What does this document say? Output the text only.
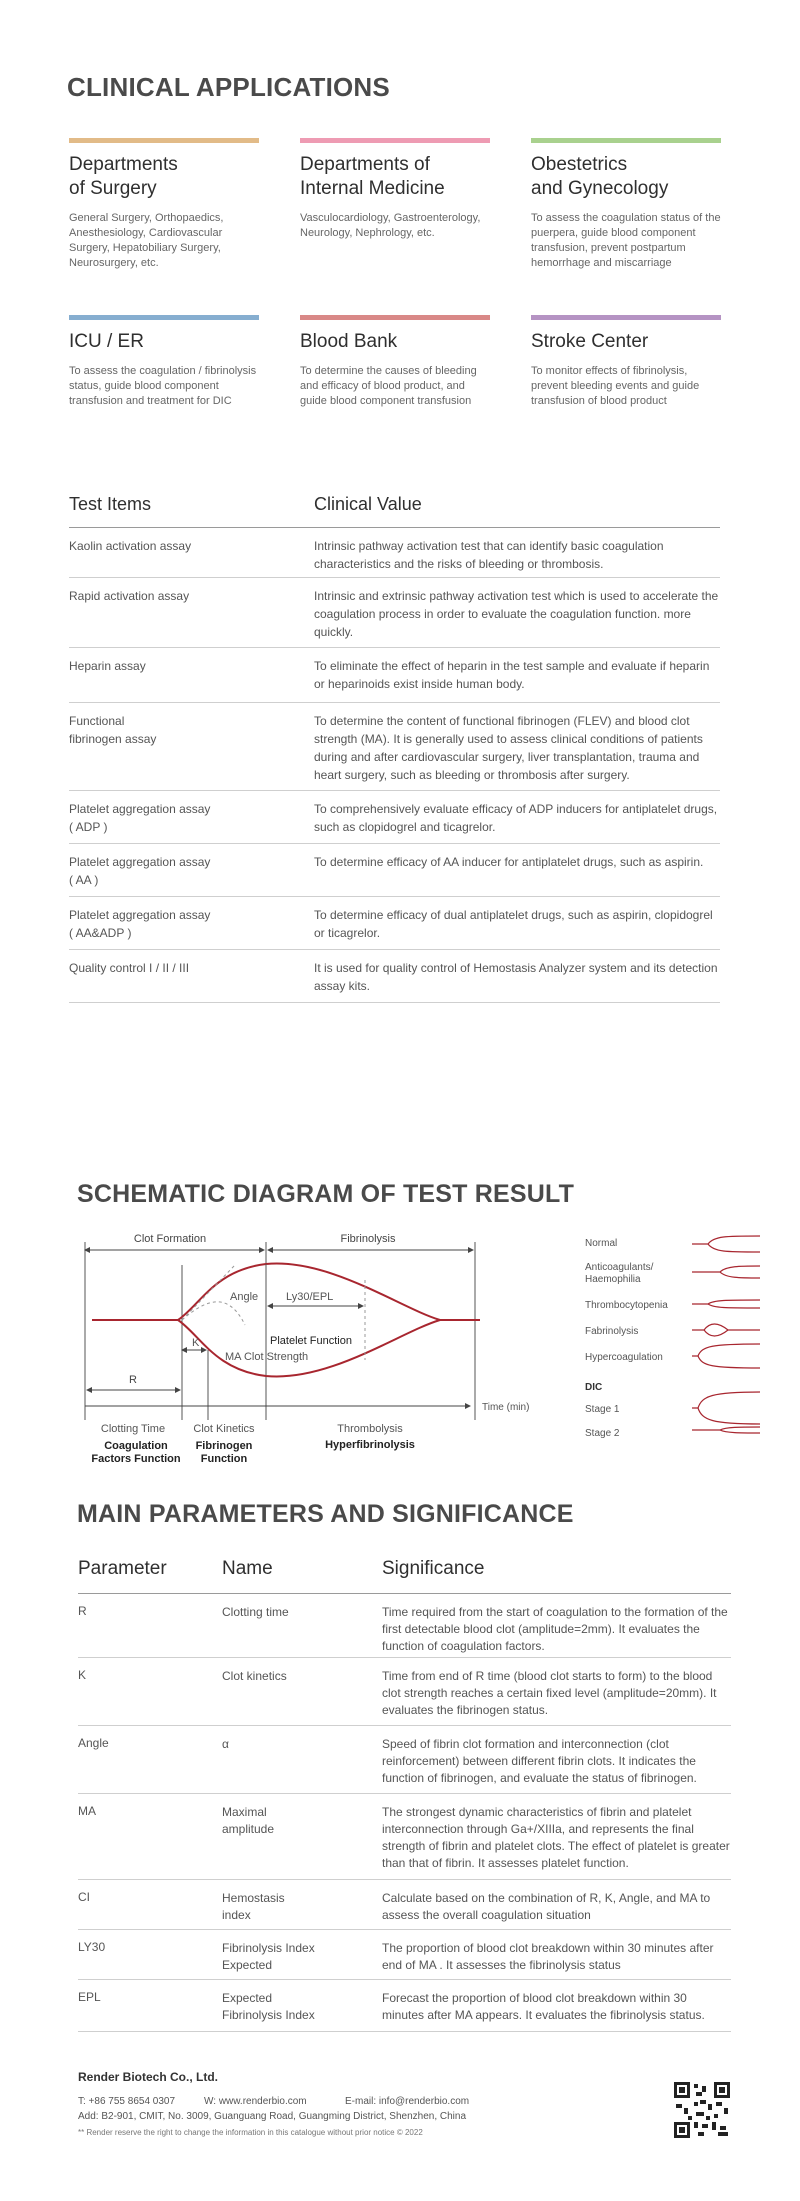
CLINICAL APPLICATIONS
Departments
of Surgery
General Surgery, Orthopaedics, Anesthesiology, Cardiovascular Surgery, Hepatobiliary Surgery, Neurosurgery, etc.
Departments of
Internal Medicine
Vasculocardiology, Gastroenterology, Neurology, Nephrology, etc.
Obestetrics
and Gynecology
To assess the coagulation status of the puerpera, guide blood component transfusion, prevent postpartum hemorrhage and miscarriage
ICU / ER
To assess the coagulation / fibrinolysis status, guide blood component transfusion and treatment for DIC
Blood Bank
To determine the causes of bleeding and efficacy of blood product, and guide blood component transfusion
Stroke Center
To monitor effects of fibrinolysis, prevent bleeding events and guide transfusion of blood product
Test Items	Clinical Value
Kaolin activation assay	Intrinsic pathway activation test that can identify basic coagulation characteristics and the risks of bleeding or thrombosis.
Rapid activation assay	Intrinsic and extrinsic pathway activation test which is used to accelerate the coagulation process in order to evaluate the coagulation function. more quickly.
Heparin assay	To eliminate the effect of heparin in the test sample and evaluate if heparin or heparinoids exist inside human body.
Functional
fibrinogen assay
To determine the content of functional fibrinogen (FLEV) and blood clot strength (MA). It is generally used to assess clinical conditions of patients during and after cardiovascular surgery, liver transplantation, trauma and heart surgery, such as bleeding or thrombosis after surgery.
Platelet aggregation assay
( ADP )
To comprehensively evaluate efficacy of ADP inducers for antiplatelet drugs, such as clopidogrel and ticagrelor.
Platelet aggregation assay
( AA )
To determine efficacy of AA inducer for antiplatelet drugs, such as aspirin.
Platelet aggregation assay
( AA&ADP )
To determine efficacy of dual antiplatelet drugs, such as aspirin, clopidogrel or ticagrelor.
Quality control I / II / III	It is used for quality control of Hemostasis Analyzer system and its detection assay kits.
SCHEMATIC DIAGRAM OF TEST RESULT
Clot Formation	Fibrinolysis
Angle	Ly30/EPL
Platelet Function
MA Clot Strength
K
R
Time (min)
Clotting Time	Clot Kinetics	Thrombolysis
Hyperfibrinolysis
Coagulation
Factors Function
Fibrinogen
Function
Normal
Anticoagulants/
Haemophilia
Thrombocytopenia
Fabrinolysis
Hypercoagulation
DIC
Stage 1
Stage 2
MAIN PARAMETERS AND SIGNIFICANCE
Parameter	Name	Significance
R	Clotting time	Time required from the start of coagulation to the formation of the first detectable blood clot (amplitude=2mm). It evaluates the function of coagulation factors.
K	Clot kinetics	Time from end of R time (blood clot starts to form) to the blood clot strength reaches a certain fixed level (amplitude=20mm). It evaluates the fibrinogen status.
Angle	α	Speed of fibrin clot formation and interconnection (clot reinforcement) between different fibrin clots. It indicates the function of fibrinogen, and evaluate the status of fibrinogen.
MA	Maximal
amplitude
The strongest dynamic characteristics of fibrin and platelet interconnection through Ga+/XIIIa, and represents the final strength of fibrin and platelet clots. The effect of platelet is greater than that of fibrin. It assesses platelet function.
CI	Hemostasis
index
Calculate based on the combination of R, K, Angle, and MA to assess the overall coagulation situation
LY30	Fibrinolysis Index
Expected
The proportion of blood clot breakdown within 30 minutes after end of MA . It assesses the fibrinolysis status
EPL	Expected
Fibrinolysis Index
Forecast the proportion of blood clot breakdown within 30 minutes after MA appears. It evaluates the fibrinolysis status.
Render Biotech Co., Ltd.
T: +86 755 8654 0307	W: www.renderbio.com	E-mail: info@renderbio.com
Add: B2-901, CMIT, No. 3009, Guanguang Road, Guangming District, Shenzhen, China
** Render reserve the right to change the information in this catalogue without prior notice © 2022
